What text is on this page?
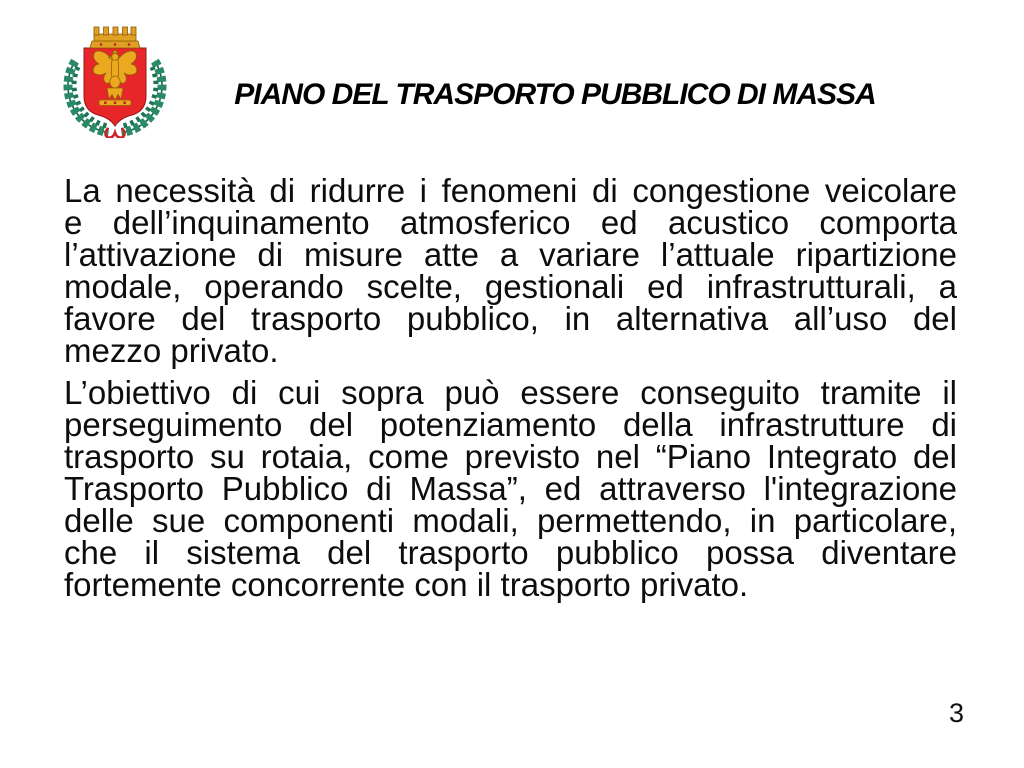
PIANO DEL TRASPORTO PUBBLICO DI MASSA
La necessità di ridurre i fenomeni di congestione veicolare
e dell’inquinamento atmosferico ed acustico comporta
l’attivazione di misure atte a variare l’attuale ripartizione
modale, operando scelte, gestionali ed infrastrutturali, a
favore del trasporto pubblico, in alternativa all’uso del
mezzo privato.
L’obiettivo di cui sopra può essere conseguito tramite il
perseguimento del potenziamento della infrastrutture di
trasporto su rotaia, come previsto nel “Piano Integrato del
Trasporto Pubblico di Massa”, ed attraverso l'integrazione
delle sue componenti modali, permettendo, in particolare,
che il sistema del trasporto pubblico possa diventare
fortemente concorrente con il trasporto privato.
3
